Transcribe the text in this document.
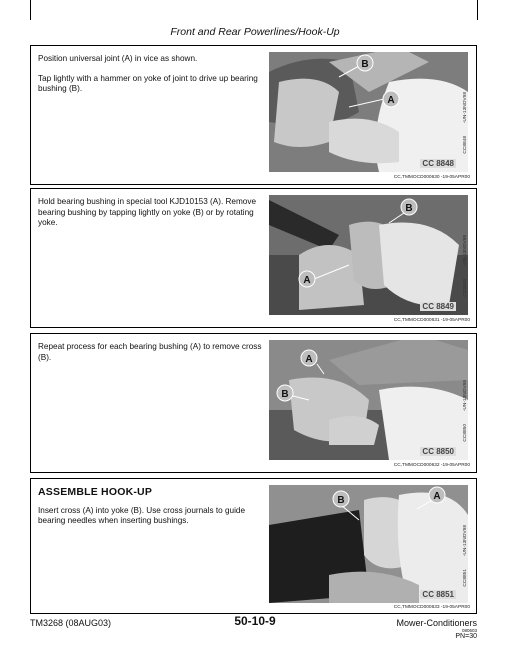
Front and Rear Powerlines/Hook-Up

Position universal joint (A) in vice as shown.

Tap lightly with a hammer on yoke of joint to drive up bearing bushing (B).

B
A
CC 8848
-UN-13NOV98
CC8848
CC,TMMOCD000630 -19-05APR00

Hold bearing bushing in special tool KJD10153 (A). Remove bearing bushing by tapping lightly on yoke (B) or by rotating yoke.

B
A
CC 8849
-UN-13NOV98
CC8849
CC,TMMOCD000631 -19-05APR00

Repeat process for each bearing bushing (A) to remove cross (B).	A
B
CC 8850
-UN-13NOV98
CC8850
CC,TMMOCD000632 -19-05APR00
ASSEMBLE HOOK-UP

Insert cross (A) into yoke (B). Use cross journals to guide bearing needles when inserting bushings.

B	A
CC 8851
-UN-13NOV98
CC8851
CC,TMMOCD000633 -19-05APR00
TM3268 (08AUG03)	50-10-9	Mower-Conditioners
080603
PN=30
